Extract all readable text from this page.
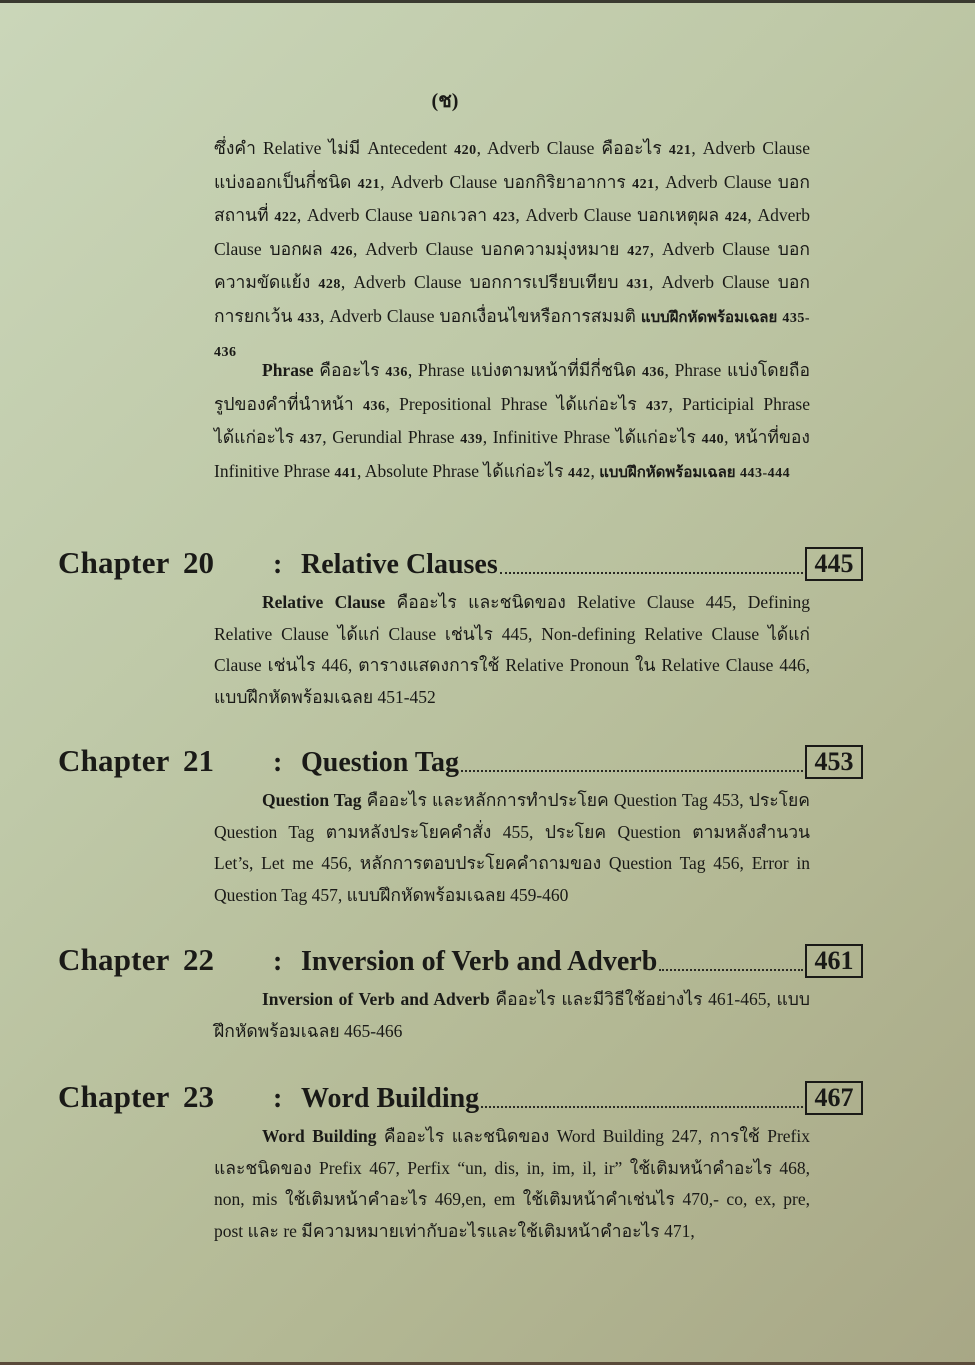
(ช)
ซึ่งคำ Relative ไม่มี Antecedent 420, Adverb Clause คืออะไร 421, Adverb Clause แบ่งออกเป็นกี่ชนิด 421, Adverb Clause บอกกิริยาอาการ 421, Adverb Clause บอกสถานที่ 422, Adverb Clause บอกเวลา 423, Adverb Clause บอกเหตุผล 424, Adverb Clause บอกผล 426, Adverb Clause บอกความมุ่งหมาย 427, Adverb Clause บอกความขัดแย้ง 428, Adverb Clause บอกการเปรียบเทียบ 431, Adverb Clause บอกการยกเว้น 433, Adverb Clause บอกเงื่อนไขหรือการสมมติ แบบฝึกหัดพร้อมเฉลย 435-436
Phrase คืออะไร 436, Phrase แบ่งตามหน้าที่มีกี่ชนิด 436, Phrase แบ่งโดยถือรูปของคำที่นำหน้า 436, Prepositional Phrase ได้แก่อะไร 437, Participial Phrase ได้แก่อะไร 437, Gerundial Phrase 439, Infinitive Phrase ได้แก่อะไร 440, หน้าที่ของ Infinitive Phrase 441, Absolute Phrase ได้แก่อะไร 442, แบบฝึกหัดพร้อมเฉลย 443-444
Chapter 20	: Relative Clauses	445
Relative Clause คืออะไร และชนิดของ Relative Clause 445, Defining Relative Clause ได้แก่ Clause เช่นไร 445, Non-defining Relative Clause ได้แก่ Clause เช่นไร 446, ตารางแสดงการใช้ Relative Pronoun ใน Relative Clause 446, แบบฝึกหัดพร้อมเฉลย 451-452
Chapter 21	: Question Tag	453
Question Tag คืออะไร และหลักการทำประโยค Question Tag 453, ประโยค Question Tag ตามหลังประโยคคำสั่ง 455, ประโยค Question ตามหลังสำนวน Let’s, Let me 456, หลักการตอบประโยคคำถามของ Question Tag 456, Error in Question Tag 457, แบบฝึกหัดพร้อมเฉลย 459-460
Chapter 22	: Inversion of Verb and Adverb	461
Inversion of Verb and Adverb คืออะไร และมีวิธีใช้อย่างไร 461-465, แบบฝึกหัดพร้อมเฉลย 465-466
Chapter 23	: Word Building	467
Word Building คืออะไร และชนิดของ Word Building 247, การใช้ Prefix และชนิดของ Prefix 467, Perfix “un, dis, in, im, il, ir” ใช้เติมหน้าคำอะไร 468, non, mis ใช้เติมหน้าคำอะไร 469,en, em ใช้เติมหน้าคำเช่นไร 470,- co, ex, pre, post และ re มีความหมายเท่ากับอะไรและใช้เติมหน้าคำอะไร 471,
